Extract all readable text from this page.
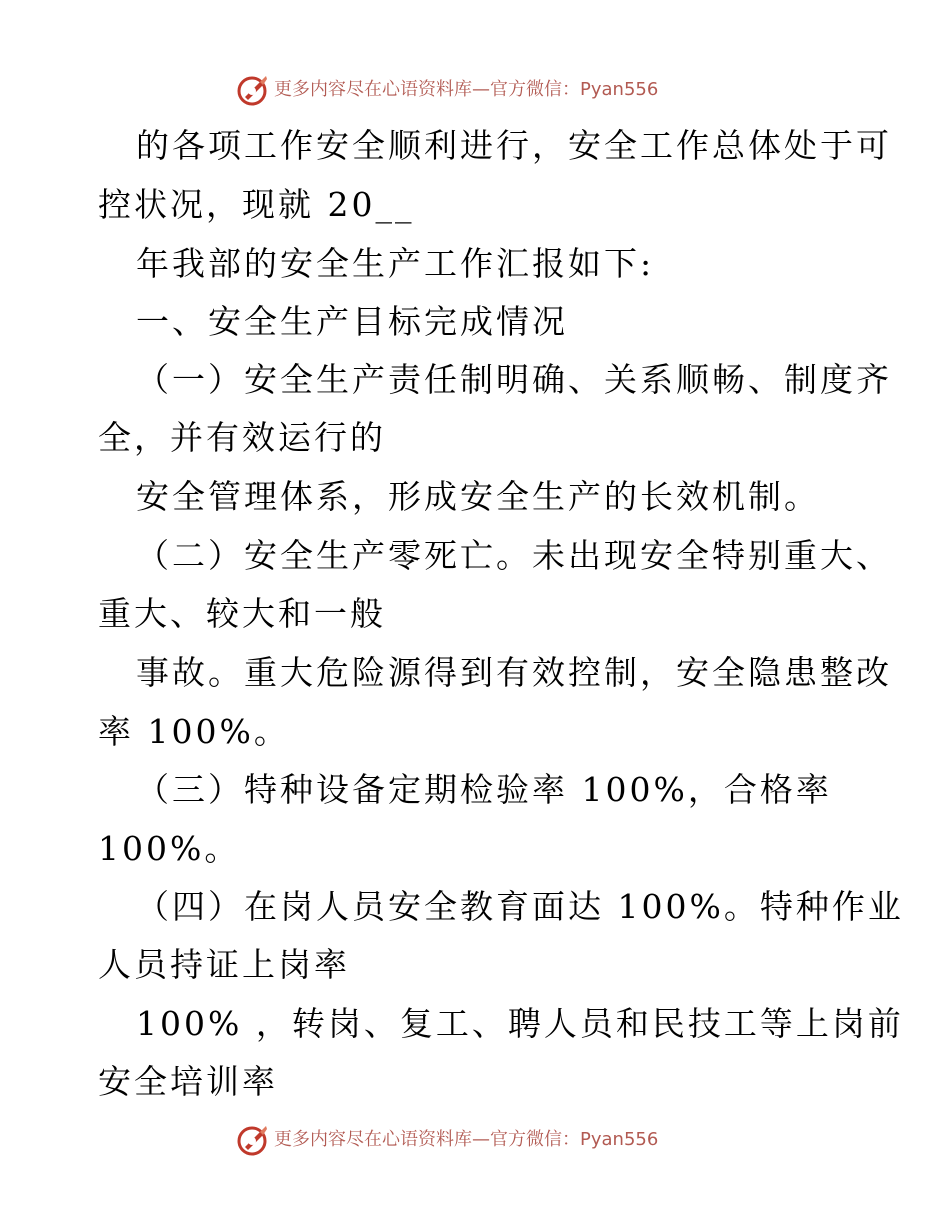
更多内容尽在心语资料库—官方微信：Pyan556
的各项工作安全顺利进行，安全工作总体处于可
控状况，现就 20__
年我部的安全生产工作汇报如下:
一、安全生产目标完成情况
（一）安全生产责任制明确、关系顺畅、制度齐
全，并有效运行的
安全管理体系，形成安全生产的长效机制。
（二）安全生产零死亡。未出现安全特别重大、
重大、较大和一般
事故。重大危险源得到有效控制，安全隐患整改
率 100%。
（三）特种设备定期检验率 100%，合格率
100%。
（四）在岗人员安全教育面达 100%。特种作业
人员持证上岗率
100% ，转岗、复工、聘人员和民技工等上岗前
安全培训率
更多内容尽在心语资料库—官方微信：Pyan556
